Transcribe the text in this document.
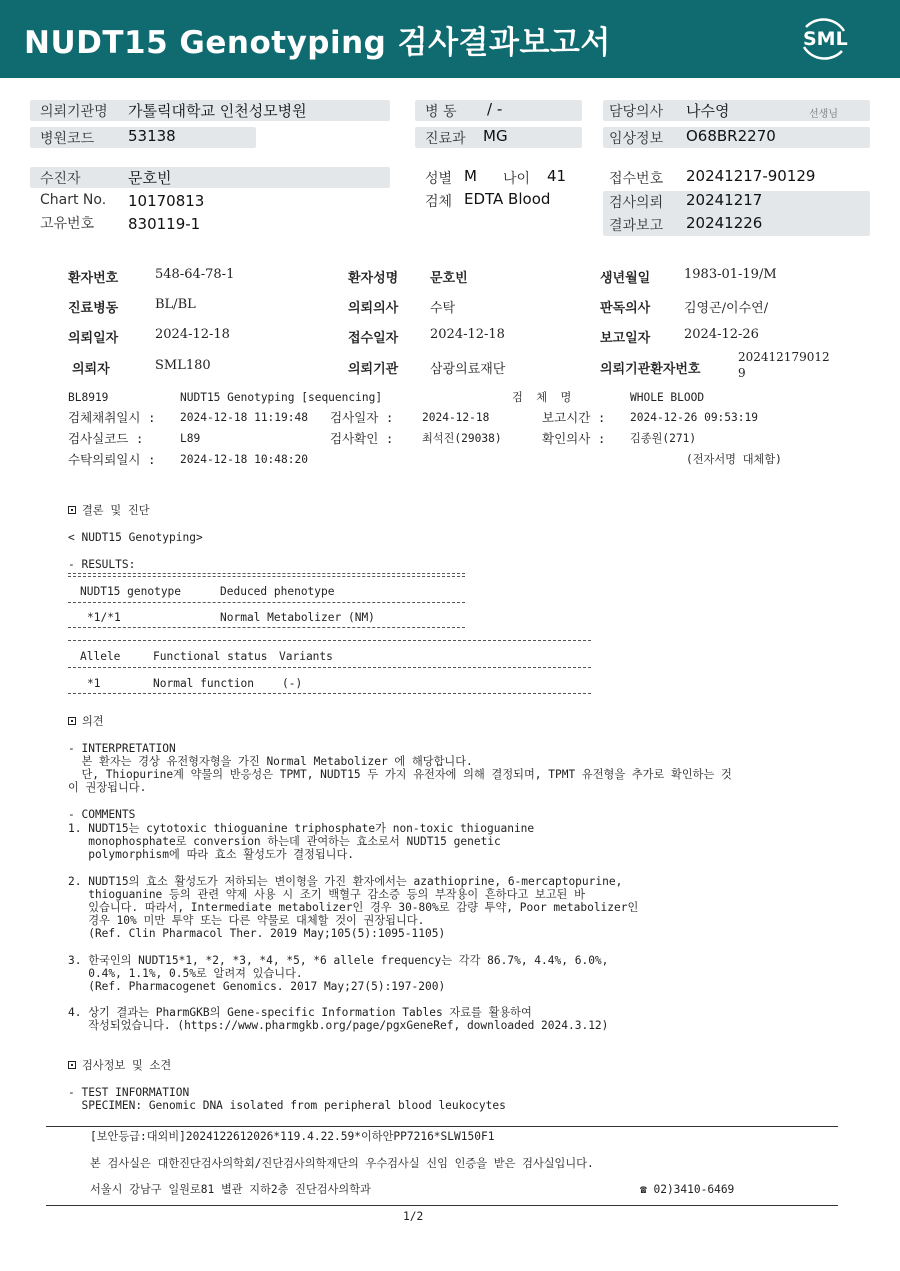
NUDT15 Genotyping 검사결과보고서	SML
의뢰기관명 가톨릭대학교 인천성모병원
병원코드 53138
병 동 / -
진료과 MG
담당의사 나수영	선생님
임상정보 O68BR2270
수진자	문호빈
Chart No. 10170813
고유번호 830119-1
성별 M 나이 41
검체 EDTA Blood
접수번호 20241217-90129
검사의뢰 20241217
결과보고 20241226
환자번호	548-64-78-1	환자성명 문호빈	생년월일	1983-01-19/M
진료병동	BL/BL	의뢰의사 수탁	판독의사	김영곤/이수연/
의뢰일자	2024-12-18	접수일자 2024-12-18	보고일자	2024-12-26
의뢰자	SML180	의뢰기관 삼광의료재단	의뢰기관환자번호
202412179012
9
BL8919	NUDT15 Genotyping [sequencing]	검  체  명	WHOLE BLOOD
검체채취일시 : 2024-12-18 11:19:48 검사일자 :	2024-12-18	보고시간 : 2024-12-26 09:53:19
검사실코드 :	L89	검사확인 :	최석진(29038)	확인의사 : 김종원(271)
수탁의뢰일시 : 2024-12-18 10:48:20	(전자서명 대체함)
결론 및 진단
< NUDT15 Genotyping>
- RESULTS:
NUDT15 genotype	Deduced phenotype
*1/*1	Normal Metabolizer (NM)
Allele	Functional status Variants
*1	Normal function (-)
의견
- INTERPRETATION
본 환자는 경상 유전형자형을 가진 Normal Metabolizer 에 해당합니다.
단, Thiopurine계 약물의 반응성은 TPMT, NUDT15 두 가지 유전자에 의해 결정되며, TPMT 유전형을 추가로 확인하는 것
이 권장됩니다.
- COMMENTS
1. NUDT15는 cytotoxic thioguanine triphosphate가 non-toxic thioguanine
monophosphate로 conversion 하는데 관여하는 효소로서 NUDT15 genetic
polymorphism에 따라 효소 활성도가 결정됩니다.
2. NUDT15의 효소 활성도가 저하되는 변이형을 가진 환자에서는 azathioprine, 6-mercaptopurine,
thioguanine 등의 관련 약제 사용 시 조기 백혈구 감소증 등의 부작용이 흔하다고 보고된 바
있습니다. 따라서, Intermediate metabolizer인 경우 30-80%로 감량 투약, Poor metabolizer인
경우 10% 미만 투약 또는 다른 약물로 대체할 것이 권장됩니다.
(Ref. Clin Pharmacol Ther. 2019 May;105(5):1095-1105)
3. 한국인의 NUDT15*1, *2, *3, *4, *5, *6 allele frequency는 각각 86.7%, 4.4%, 6.0%,
0.4%, 1.1%, 0.5%로 알려져 있습니다.
(Ref. Pharmacogenet Genomics. 2017 May;27(5):197-200)
4. 상기 결과는 PharmGKB의 Gene-specific Information Tables 자료를 활용하여
작성되었습니다. (https://www.pharmgkb.org/page/pgxGeneRef, downloaded 2024.3.12)
검사정보 및 소견
- TEST INFORMATION
SPECIMEN: Genomic DNA isolated from peripheral blood leukocytes
[보안등급:대외비]2024122612026*119.4.22.59*이하안PP7216*SLW150F1
본 검사실은 대한진단검사의학회/진단검사의학재단의 우수검사실 신임 인증을 받은 검사실입니다.
서울시 강남구 일원로81 별관 지하2층 진단검사의학과	☎ 02)3410-6469
1/2
